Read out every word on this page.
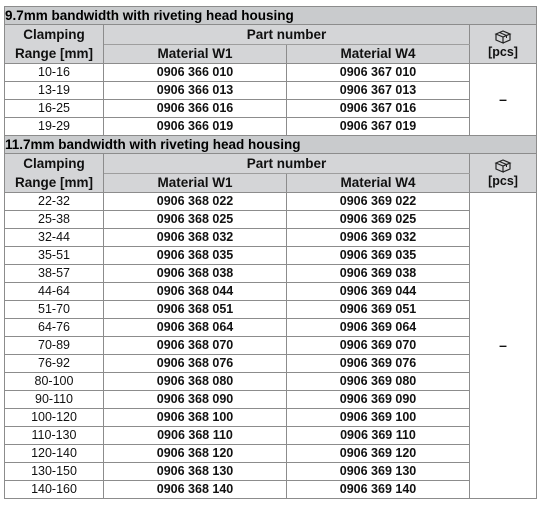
9.7mm bandwidth with riveting head housing			

Clamping
Range [mm]	Part number		[pcs]

	Material W1	Material W4	
10-16	0906 366 010	0906 367 010	–
13-19	0906 366 013	0906 367 013	
16-25	0906 366 016	0906 367 016	
19-29	0906 366 019	0906 367 019	
11.7mm bandwidth with riveting head housing			

Clamping
Range [mm]	Part number		[pcs]

	Material W1	Material W4	
22-32	0906 368 022	0906 369 022	–
25-38	0906 368 025	0906 369 025	
32-44	0906 368 032	0906 369 032	
35-51	0906 368 035	0906 369 035	
38-57	0906 368 038	0906 369 038	
44-64	0906 368 044	0906 369 044	
51-70	0906 368 051	0906 369 051	
64-76	0906 368 064	0906 369 064	
70-89	0906 368 070	0906 369 070	
76-92	0906 368 076	0906 369 076	
80-100	0906 368 080	0906 369 080	
90-110	0906 368 090	0906 369 090	
100-120	0906 368 100	0906 369 100	
110-130	0906 368 110	0906 369 110	
120-140	0906 368 120	0906 369 120	
130-150	0906 368 130	0906 369 130	
140-160	0906 368 140	0906 369 140	
